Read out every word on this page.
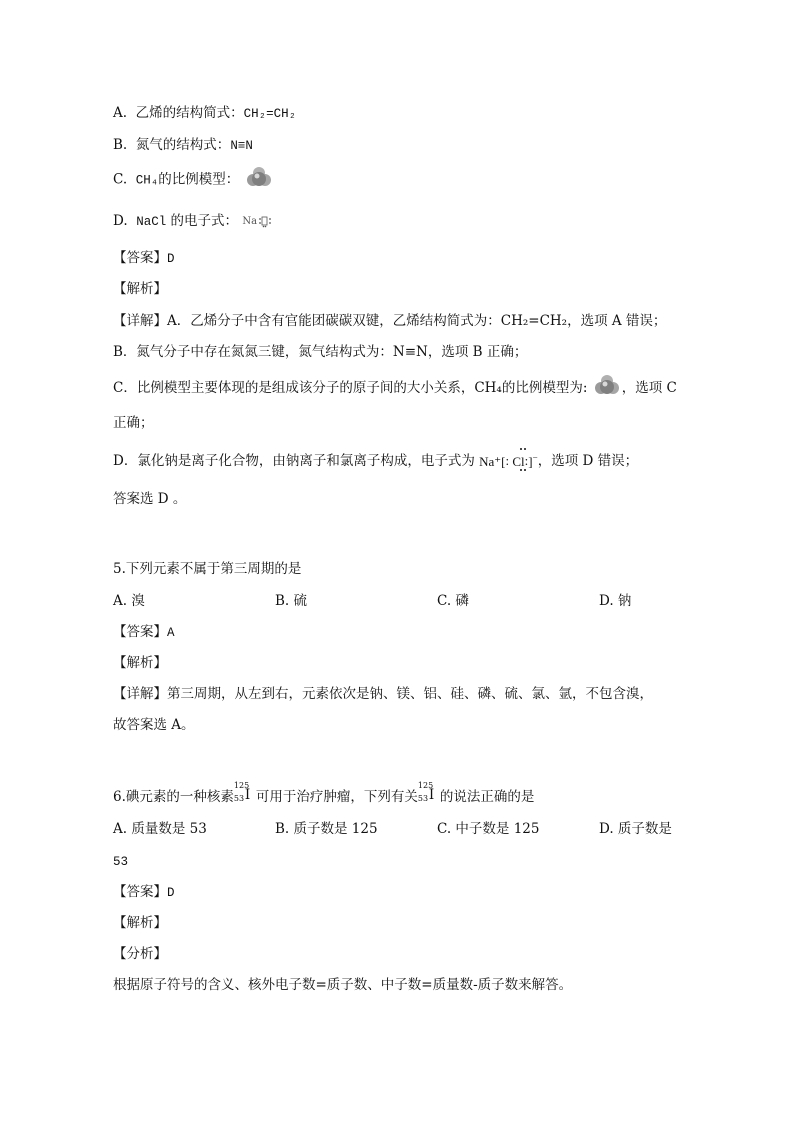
A. 乙烯的结构简式：CH₂=CH₂
B. 氮气的结构式：N≡N
C. CH₄的比例模型：
D. NaCl 的电子式： Na
【答案】D
【解析】
【详解】A．乙烯分子中含有官能团碳碳双键，乙烯结构简式为：CH₂=CH₂，选项 A 错误；
B．氮气分子中存在氮氮三键，氮气结构式为：N≡N，选项 B 正确；
C．比例模型主要体现的是组成该分子的原子间的大小关系，CH₄的比例模型为:	，选项 C
正确；
D．氯化钠是离子化合物，由钠离子和氯离子构成，电子式为 Na⁺[: Cl:]−
，选项 D 错误；
答案选 D 。
5.下列元素不属于第三周期的是
A. 溴	B. 硫	C. 磷	D. 钠
【答案】A
【解析】
【详解】第三周期，从左到右，元素依次是钠、镁、铝、硅、磷、硫、氯、氩，不包含溴，
故答案选 A。
6.碘元素的一种核素
125
53 I 可用于治疗肿瘤，下列有关
125
53 I 的说法正确的是
A. 质量数是 53	B. 质子数是 125	C. 中子数是 125	D. 质子数是
53
【答案】D
【解析】
【分析】
根据原子符号的含义、核外电子数=质子数、中子数=质量数-质子数来解答。
